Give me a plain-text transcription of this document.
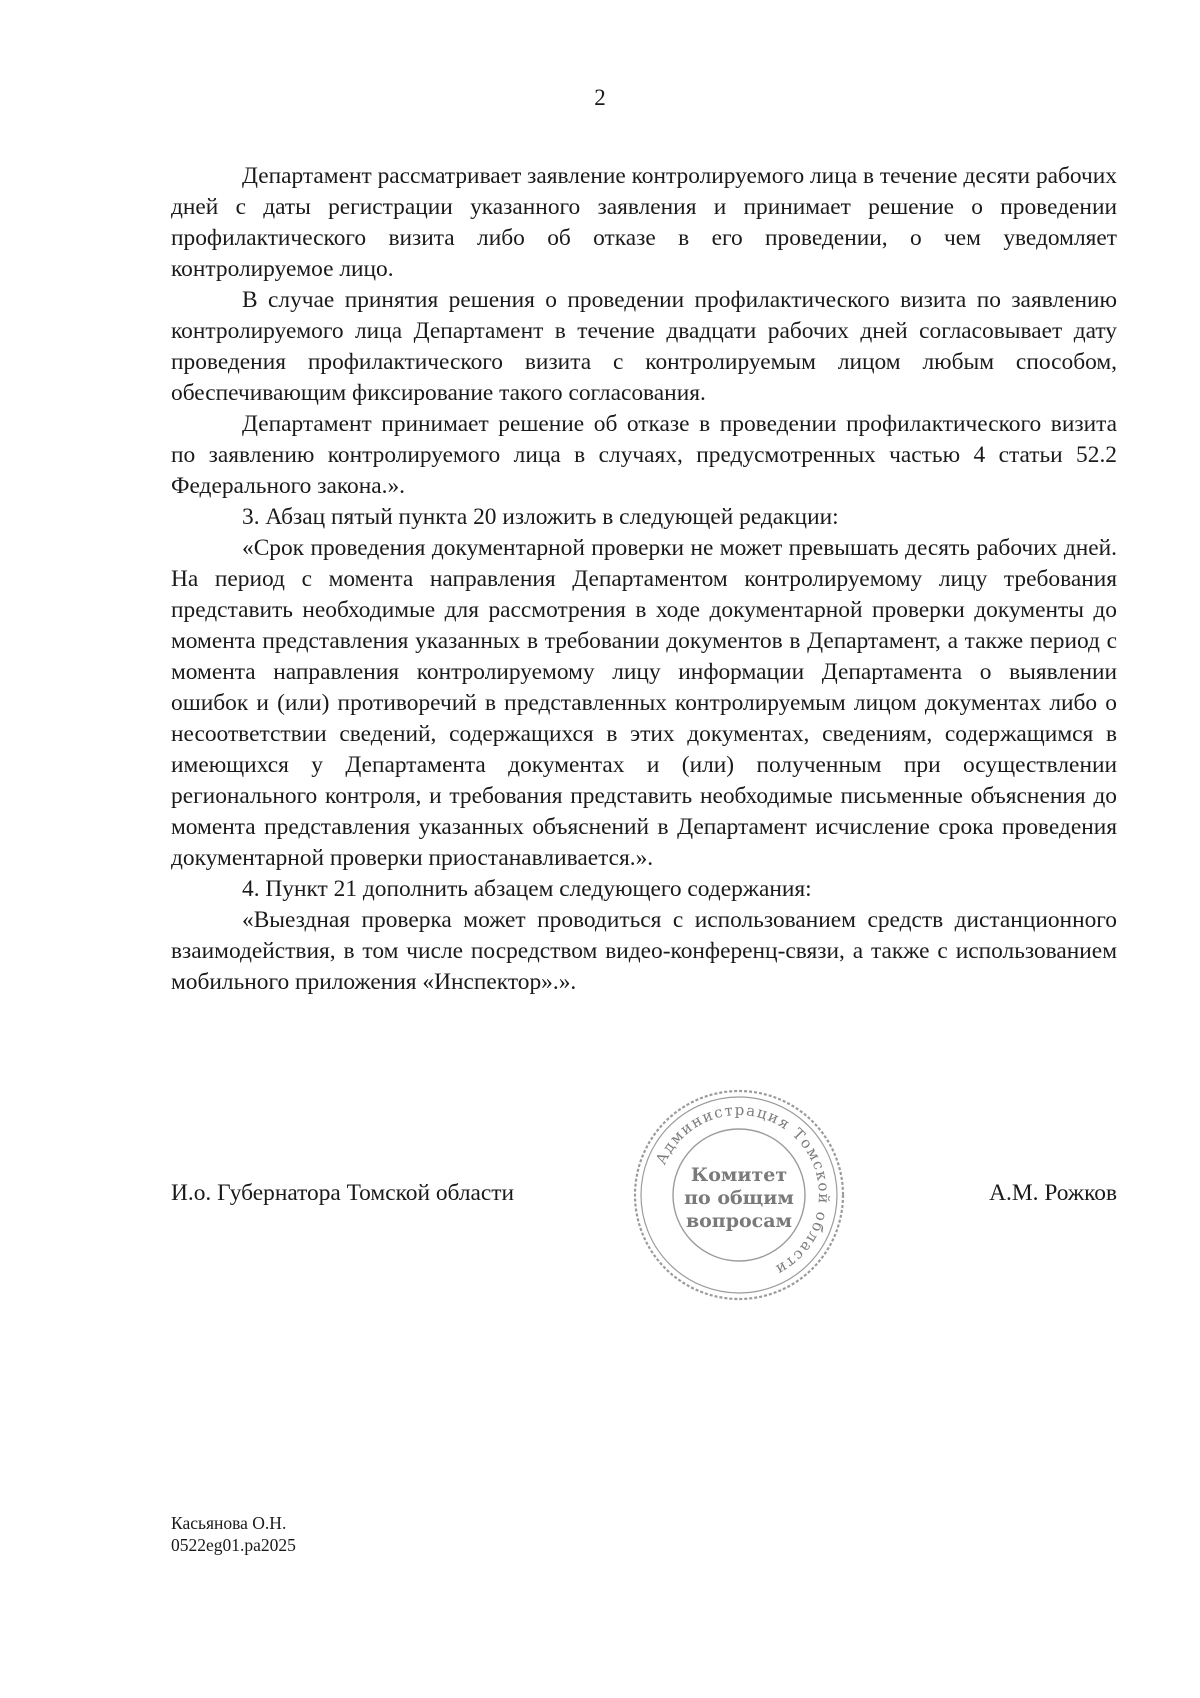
2

Департамент рассматривает заявление контролируемого лица в течение десяти рабочих дней с даты регистрации указанного заявления и принимает решение о проведении профилактического визита либо об отказе в его проведении, о чем уведомляет контролируемое лицо.

В случае принятия решения о проведении профилактического визита по заявлению контролируемого лица Департамент в течение двадцати рабочих дней согласовывает дату проведения профилактического визита с контролируемым лицом любым способом, обеспечивающим фиксирование такого согласования.

Департамент принимает решение об отказе в проведении профилактического визита по заявлению контролируемого лица в случаях, предусмотренных частью 4 статьи 52.2 Федерального закона.».

3. Абзац пятый пункта 20 изложить в следующей редакции:

«Срок проведения документарной проверки не может превышать десять рабочих дней. На период с момента направления Департаментом контролируемому лицу требования представить необходимые для рассмотрения в ходе документарной проверки документы до момента представления указанных в требовании документов в Департамент, а также период с момента направления контролируемому лицу информации Департамента о выявлении ошибок и (или) противоречий в представленных контролируемым лицом документах либо о несоответствии сведений, содержащихся в этих документах, сведениям, содержащимся в имеющихся у Департамента документах и (или) полученным при осуществлении регионального контроля, и требования представить необходимые письменные объяснения до момента представления указанных объяснений в Департамент исчисление срока проведения документарной проверки приостанавливается.».

4. Пункт 21 дополнить абзацем следующего содержания:

«Выездная проверка может проводиться с использованием средств дистанционного взаимодействия, в том числе посредством видео-конференц-связи, а также с использованием мобильного приложения «Инспектор».».

И.о. Губернатора Томской области	А.М. Рожков
Администрация Томской области
Комитет
по общим
вопросам
Касьянова О.Н.
0522eg01.pa2025
